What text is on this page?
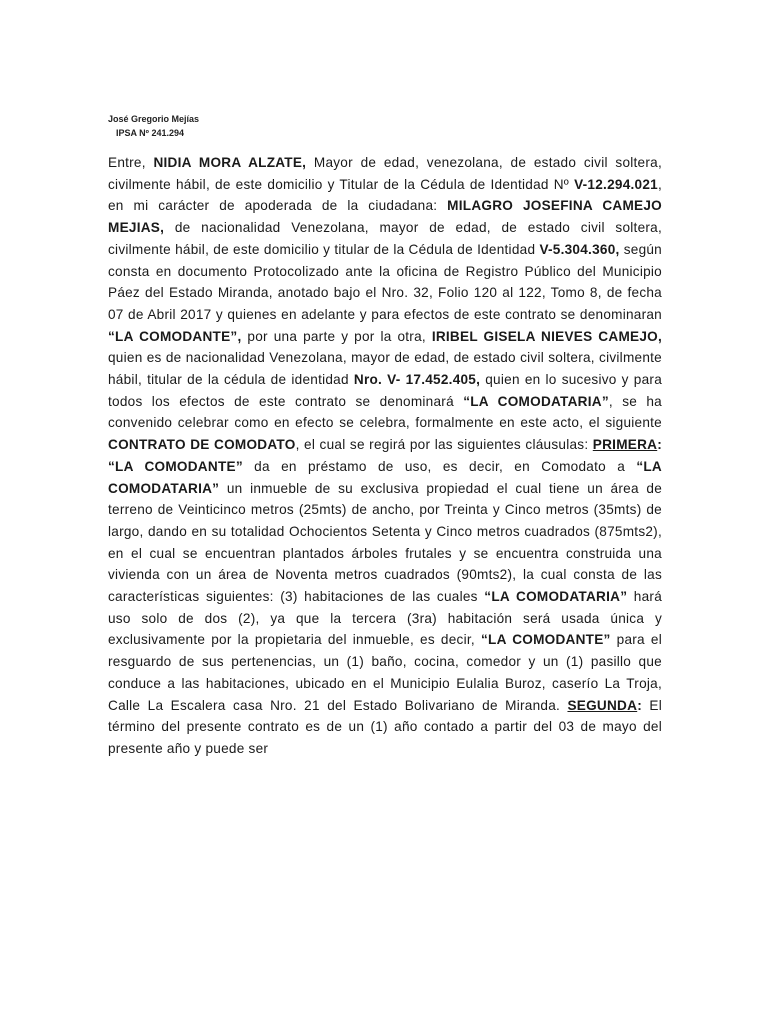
José Gregorio Mejías
IPSA Nº 241.294
Entre, NIDIA MORA ALZATE, Mayor de edad, venezolana, de estado civil soltera, civilmente hábil, de este domicilio y Titular de la Cédula de Identidad Nº V-12.294.021, en mi carácter de apoderada de la ciudadana: MILAGRO JOSEFINA CAMEJO MEJIAS, de nacionalidad Venezolana, mayor de edad, de estado civil soltera, civilmente hábil, de este domicilio y titular de la Cédula de Identidad V-5.304.360, según consta en documento Protocolizado ante la oficina de Registro Público del Municipio Páez del Estado Miranda, anotado bajo el Nro. 32, Folio 120 al 122, Tomo 8, de fecha 07 de Abril 2017 y quienes en adelante y para efectos de este contrato se denominaran “LA COMODANTE”, por una parte y por la otra, IRIBEL GISELA NIEVES CAMEJO, quien es de nacionalidad Venezolana, mayor de edad, de estado civil soltera, civilmente hábil, titular de la cédula de identidad Nro. V- 17.452.405, quien en lo sucesivo y para todos los efectos de este contrato se denominará “LA COMODATARIA”, se ha convenido celebrar como en efecto se celebra, formalmente en este acto, el siguiente CONTRATO DE COMODATO, el cual se regirá por las siguientes cláusulas: PRIMERA: “LA COMODANTE” da en préstamo de uso, es decir, en Comodato a “LA COMODATARIA” un inmueble de su exclusiva propiedad el cual tiene un área de terreno de Veinticinco metros (25mts) de ancho, por Treinta y Cinco metros (35mts) de largo, dando en su totalidad Ochocientos Setenta y Cinco metros cuadrados (875mts2), en el cual se encuentran plantados árboles frutales y se encuentra construida una vivienda con un área de Noventa metros cuadrados (90mts2), la cual consta de las características siguientes: (3) habitaciones de las cuales “LA COMODATARIA” hará uso solo de dos (2), ya que la tercera (3ra) habitación será usada única y exclusivamente por la propietaria del inmueble, es decir, “LA COMODANTE” para el resguardo de sus pertenencias, un (1) baño, cocina, comedor y un (1) pasillo que conduce a las habitaciones, ubicado en el Municipio Eulalia Buroz, caserío La Troja, Calle La Escalera casa Nro. 21 del Estado Bolivariano de Miranda. SEGUNDA: El término del presente contrato es de un (1) año contado a partir del 03 de mayo del presente año y puede ser
